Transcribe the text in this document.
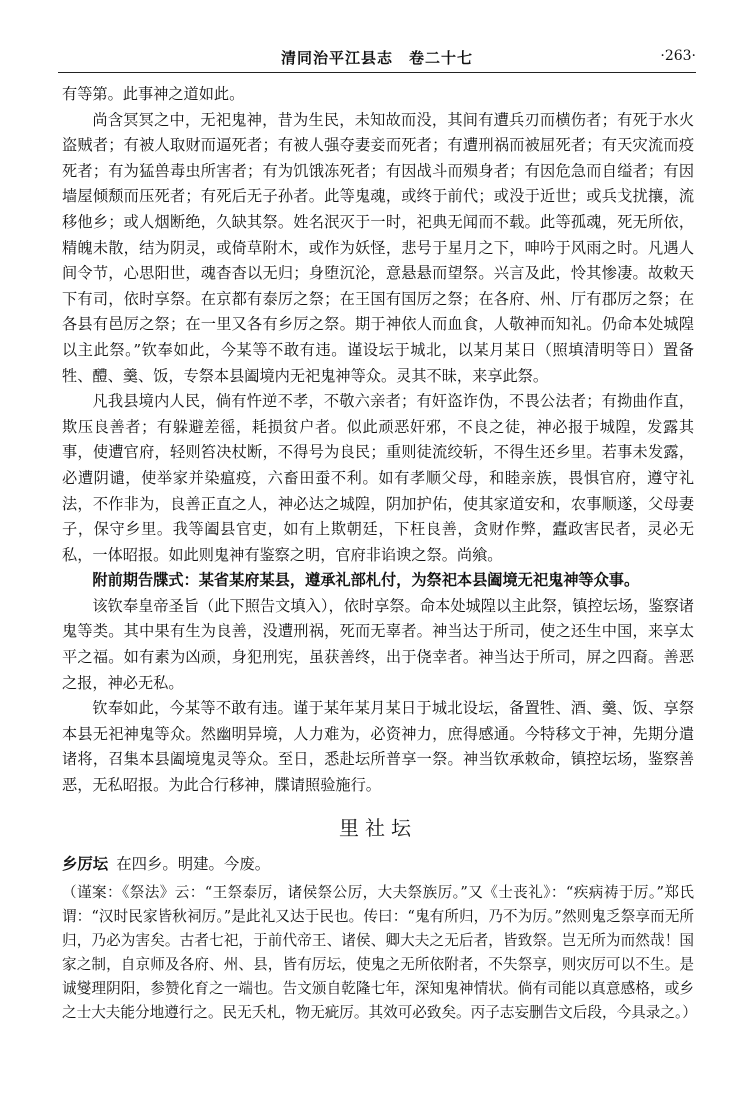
清同治平江县志　卷二十七	·263·

有等第。此事神之道如此。

尚含冥冥之中，无祀鬼神，昔为生民，未知故而没，其间有遭兵刃而横伤者；有死于水火盗贼者；有被人取财而逼死者；有被人强夺妻妾而死者；有遭刑祸而被屈死者；有天灾流而疫死者；有为猛兽毒虫所害者；有为饥饿冻死者；有因战斗而殒身者；有因危急而自缢者；有因墙屋倾颓而压死者；有死后无子孙者。此等鬼魂，或终于前代；或没于近世；或兵戈扰攘，流移他乡；或人烟断绝，久缺其祭。姓名泯灭于一时，祀典无闻而不载。此等孤魂，死无所依，精魄未散，结为阴灵，或倚草附木，或作为妖怪，悲号于星月之下，呻吟于风雨之时。凡遇人间令节，心思阳世，魂杳杳以无归；身堕沉沦，意悬悬而望祭。兴言及此，怜其惨凄。故敕天下有司，依时享祭。在京都有泰厉之祭；在王国有国厉之祭；在各府、州、厅有郡厉之祭；在各县有邑厉之祭；在一里又各有乡厉之祭。期于神依人而血食，人敬神而知礼。仍命本处城隍以主此祭。”钦奉如此，今某等不敢有违。谨设坛于城北，以某月某日（照填清明等日）置备牲、醴、羹、饭，专祭本县阖境内无祀鬼神等众。灵其不昧，来享此祭。

凡我县境内人民，倘有忤逆不孝，不敬六亲者；有奸盗诈伪，不畏公法者；有拗曲作直，欺压良善者；有躲避差徭，耗损贫户者。似此顽恶奸邪，不良之徒，神必报于城隍，发露其事，使遭官府，轻则笞决杖断，不得号为良民；重则徒流绞斩，不得生还乡里。若事未发露，必遭阴谴，使举家并染瘟疫，六畜田蚕不利。如有孝顺父母，和睦亲族，畏惧官府，遵守礼法，不作非为，良善正直之人，神必达之城隍，阴加护佑，使其家道安和，农事顺遂，父母妻子，保守乡里。我等阖县官吏，如有上欺朝廷，下枉良善，贪财作弊，蠹政害民者，灵必无私，一体昭报。如此则鬼神有鉴察之明，官府非谄谀之祭。尚飨。

附前期告牒式：某省某府某县，遵承礼部札付，为祭祀本县阖境无祀鬼神等众事。

该钦奉皇帝圣旨（此下照告文填入），依时享祭。命本处城隍以主此祭，镇控坛场，鉴察诸鬼等类。其中果有生为良善，没遭刑祸，死而无辜者。神当达于所司，使之还生中国，来享太平之福。如有素为凶顽，身犯刑宪，虽获善终，出于侥幸者。神当达于所司，屏之四裔。善恶之报，神必无私。

钦奉如此，今某等不敢有违。谨于某年某月某日于城北设坛，备置牲、酒、羹、饭、享祭本县无祀神鬼等众。然幽明异境，人力难为，必资神力，庶得感通。今特移文于神，先期分遣诸将，召集本县阖境鬼灵等众。至日，悉赴坛所普享一祭。神当钦承敕命，镇控坛场，鉴察善恶，无私昭报。为此合行移神，牒请照验施行。

里社坛

乡厉坛 在四乡。明建。今废。

（谨案：《祭法》云：“王祭泰厉，诸侯祭公厉，大夫祭族厉。”又《士丧礼》：“疾病祷于厉。”郑氏谓：“汉时民家皆秋祠厉。”是此礼又达于民也。传曰：“鬼有所归，乃不为厉。”然则鬼乏祭享而无所归，乃必为害矣。古者七祀，于前代帝王、诸侯、卿大夫之无后者，皆致祭。岂无所为而然哉！国家之制，自京师及各府、州、县，皆有厉坛，使鬼之无所依附者，不失祭享，则灾厉可以不生。是诚燮理阴阳，参赞化育之一端也。告文颁自乾隆七年，深知鬼神情状。倘有司能以真意感格，或乡之士大夫能分地遵行之。民无夭札，物无疵厉。其效可必致矣。丙子志妄删告文后段，今具录之。）
